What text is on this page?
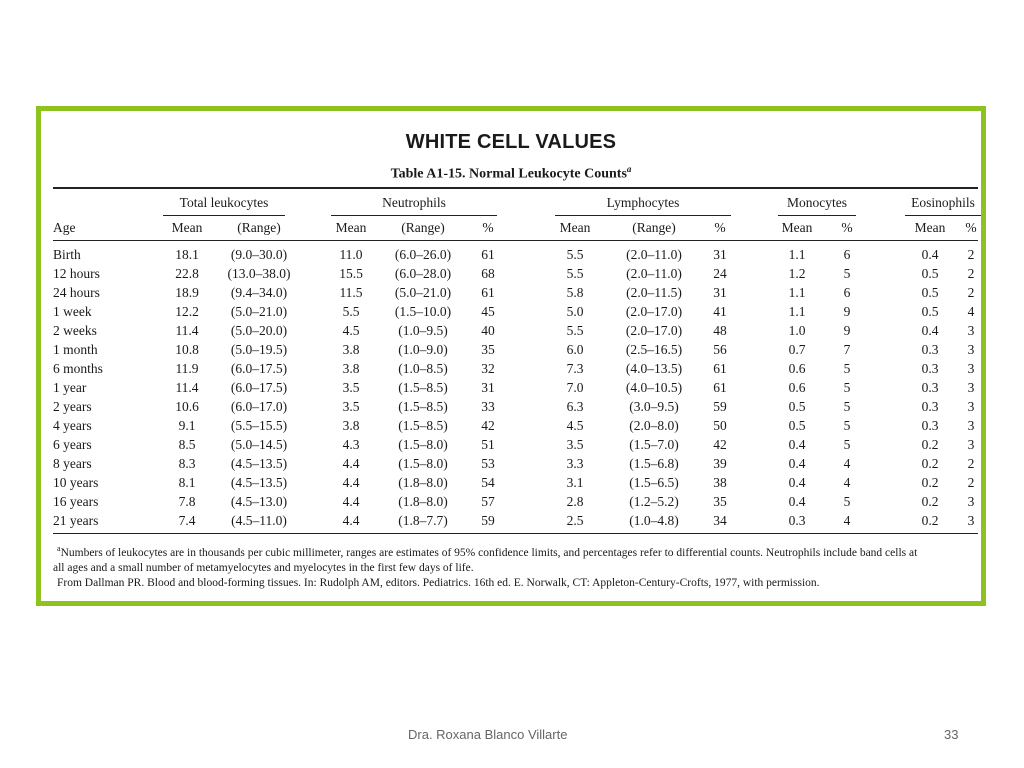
WHITE CELL VALUES
Table A1-15. Normal Leukocyte Counts$^a$
Total leukocytes	Neutrophils	Lymphocytes	Monocytes	Eosinophils
Age	Mean	(Range)	Mean	(Range)	%	Mean	(Range)	%	Mean	%	Mean	%
Birth	18.1	(9.0–30.0)	11.0	(6.0–26.0)	61	5.5	(2.0–11.0)	31	1.1	6	0.4	2
12 hours	22.8	(13.0–38.0)	15.5	(6.0–28.0)	68	5.5	(2.0–11.0)	24	1.2	5	0.5	2
24 hours	18.9	(9.4–34.0)	11.5	(5.0–21.0)	61	5.8	(2.0–11.5)	31	1.1	6	0.5	2
1 week	12.2	(5.0–21.0)	5.5	(1.5–10.0)	45	5.0	(2.0–17.0)	41	1.1	9	0.5	4
2 weeks	11.4	(5.0–20.0)	4.5	(1.0–9.5)	40	5.5	(2.0–17.0)	48	1.0	9	0.4	3
1 month	10.8	(5.0–19.5)	3.8	(1.0–9.0)	35	6.0	(2.5–16.5)	56	0.7	7	0.3	3
6 months	11.9	(6.0–17.5)	3.8	(1.0–8.5)	32	7.3	(4.0–13.5)	61	0.6	5	0.3	3
1 year	11.4	(6.0–17.5)	3.5	(1.5–8.5)	31	7.0	(4.0–10.5)	61	0.6	5	0.3	3
2 years	10.6	(6.0–17.0)	3.5	(1.5–8.5)	33	6.3	(3.0–9.5)	59	0.5	5	0.3	3
4 years	9.1	(5.5–15.5)	3.8	(1.5–8.5)	42	4.5	(2.0–8.0)	50	0.5	5	0.3	3
6 years	8.5	(5.0–14.5)	4.3	(1.5–8.0)	51	3.5	(1.5–7.0)	42	0.4	5	0.2	3
8 years	8.3	(4.5–13.5)	4.4	(1.5–8.0)	53	3.3	(1.5–6.8)	39	0.4	4	0.2	2
10 years	8.1	(4.5–13.5)	4.4	(1.8–8.0)	54	3.1	(1.5–6.5)	38	0.4	4	0.2	2
16 years	7.8	(4.5–13.0)	4.4	(1.8–8.0)	57	2.8	(1.2–5.2)	35	0.4	5	0.2	3
21 years	7.4	(4.5–11.0)	4.4	(1.8–7.7)	59	2.5	(1.0–4.8)	34	0.3	4	0.2	3
$^a$Numbers of leukocytes are in thousands per cubic millimeter, ranges are estimates of 95% confidence limits, and percentages refer to differential counts. Neutrophils include band cells at
all ages and a small number of metamyelocytes and myelocytes in the first few days of life.
From Dallman PR. Blood and blood-forming tissues. In: Rudolph AM, editors. Pediatrics. 16th ed. E. Norwalk, CT: Appleton-Century-Crofts, 1977, with permission.
Dra. Roxana Blanco Villarte	33
